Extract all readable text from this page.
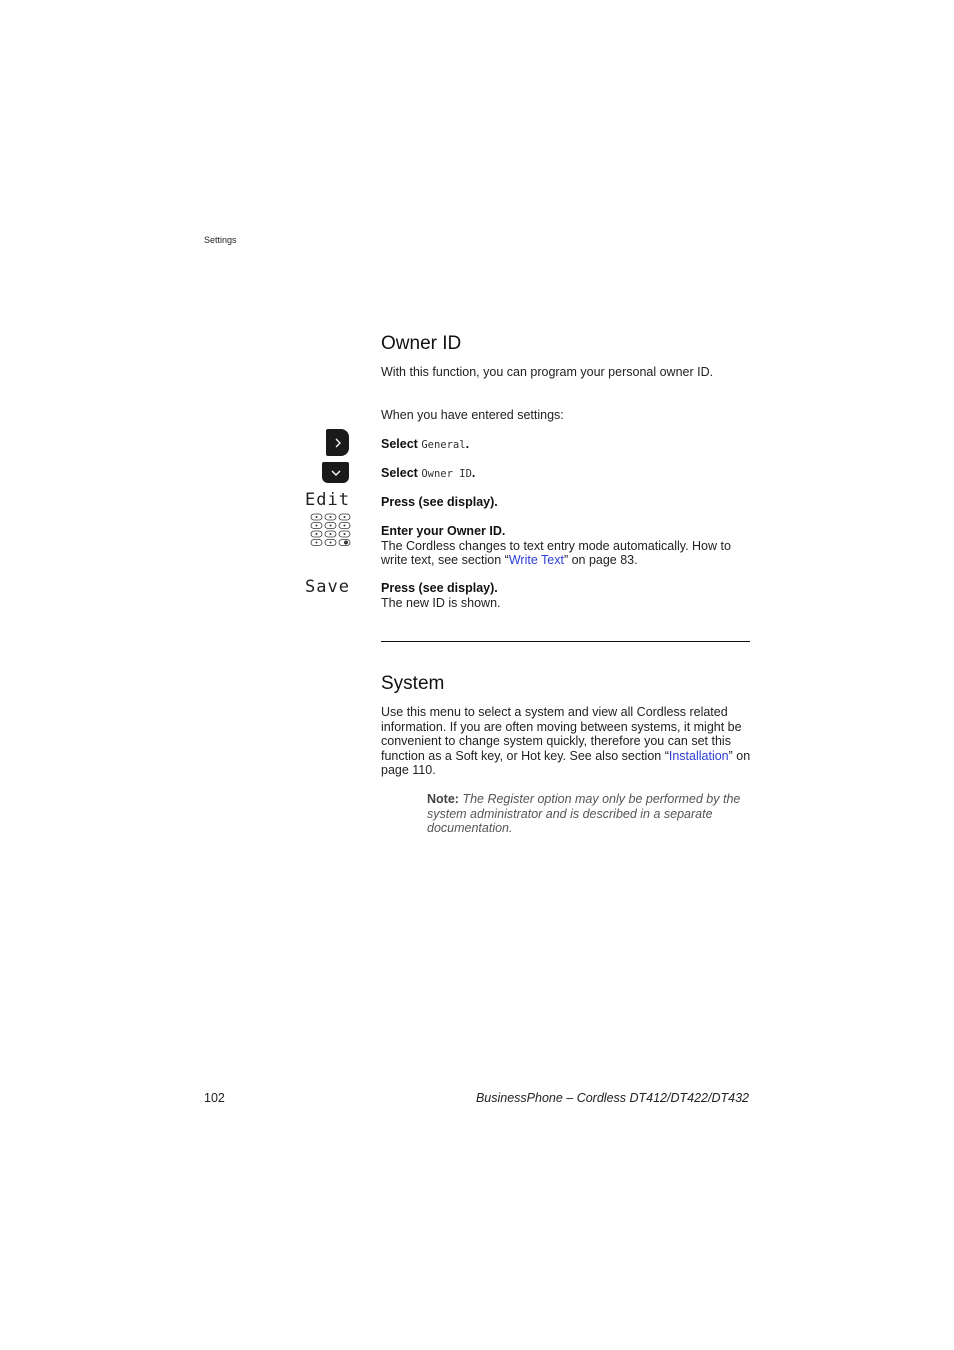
Settings
Owner ID
With this function, you can program your personal owner ID.
When you have entered settings:
Select General.
Select Owner ID.
Edit Press (see display).
Enter your Owner ID.
The Cordless changes to text entry mode automatically. How to
write text, see section “Write Text” on page 83.
Save Press (see display).
The new ID is shown.
System
Use this menu to select a system and view all Cordless related
information. If you are often moving between systems, it might be
convenient to change system quickly, therefore you can set this
function as a Soft key, or Hot key. See also section “Installation” on
page 110.
Note: The Register option may only be performed by the
system administrator and is described in a separate
documentation.
102	BusinessPhone – Cordless DT412/DT422/DT432
